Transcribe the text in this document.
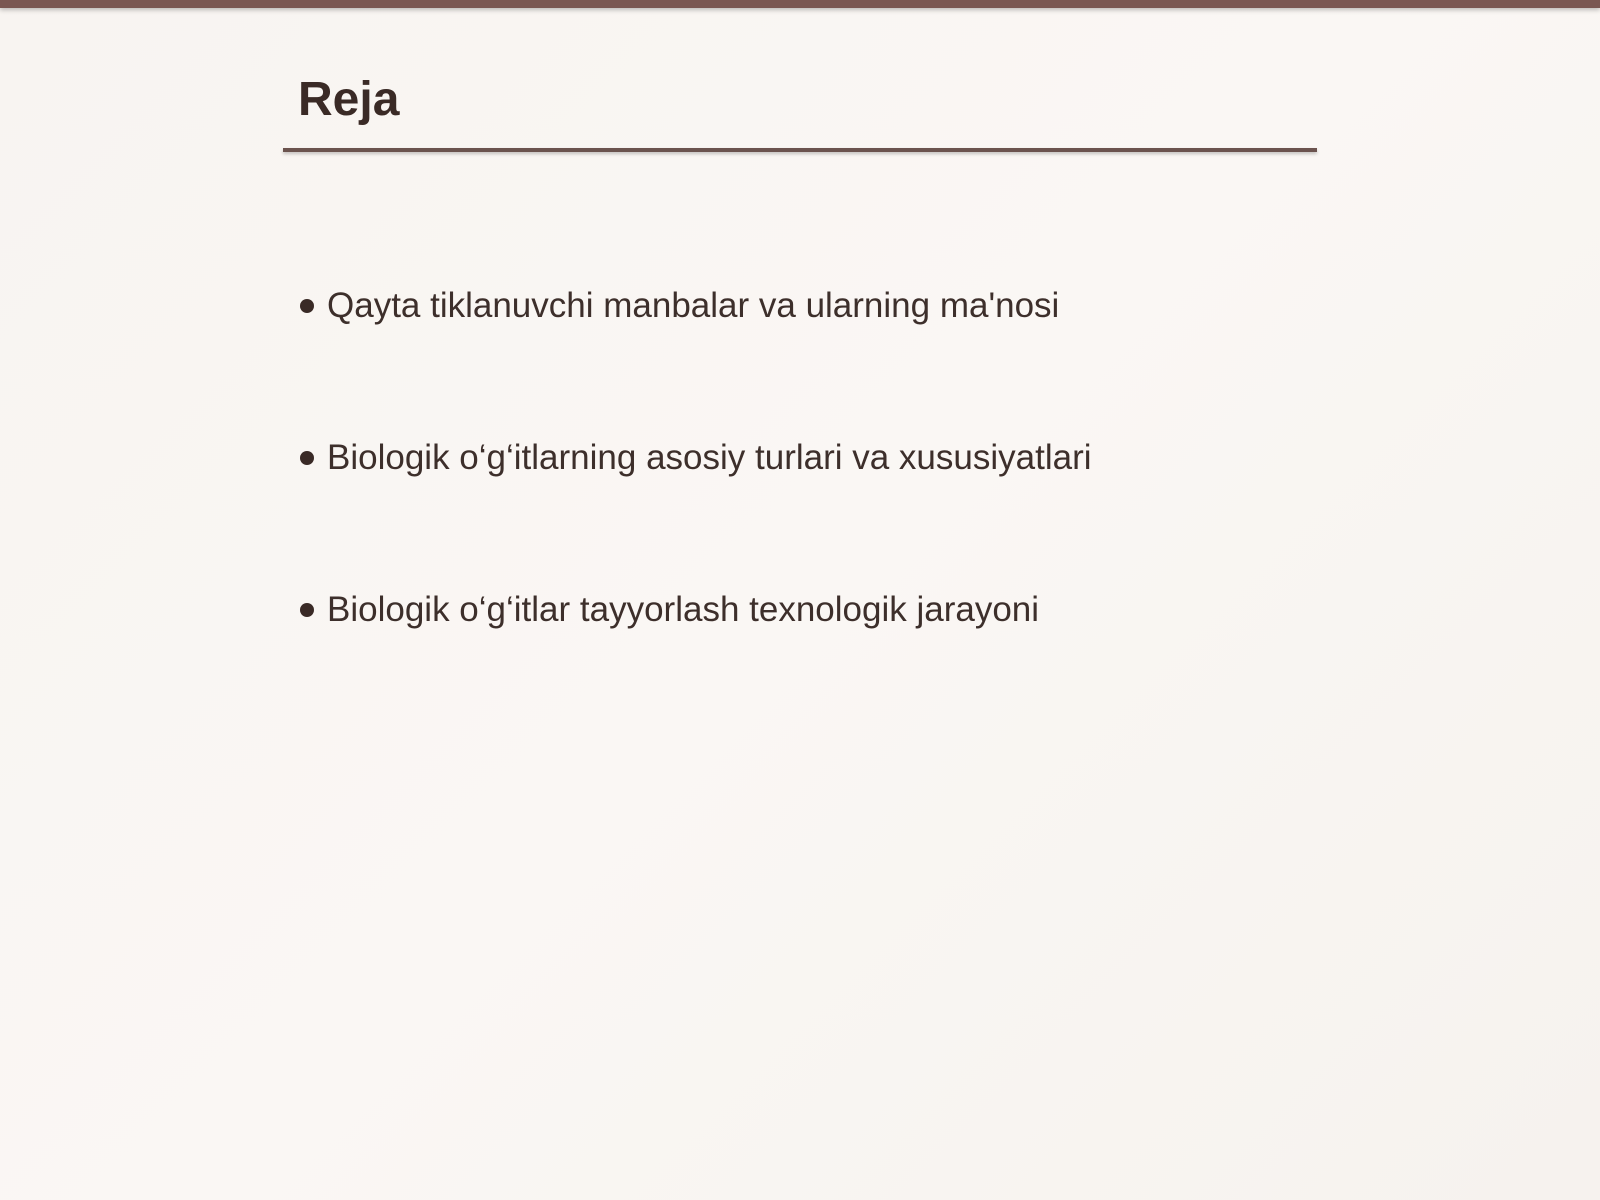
Reja
Qayta tiklanuvchi manbalar va ularning ma'nosi
Biologik o‘g‘itlarning asosiy turlari va xususiyatlari
Biologik o‘g‘itlar tayyorlash texnologik jarayoni
